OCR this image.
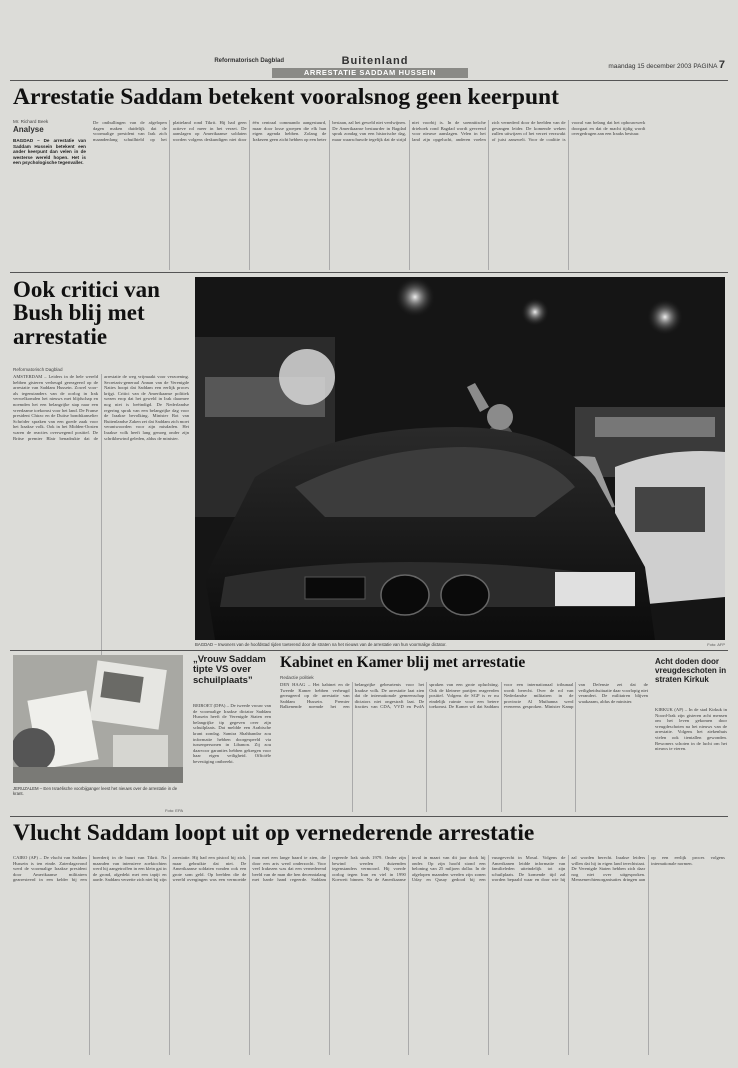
Reformatorisch Dagblad	Buitenland
ARRESTATIE SADDAM HUSSEIN
maandag 15 december 2003 PAGINA 7
Arrestatie Saddam betekent vooralsnog geen keerpunt
Mr. Richard Beek
Analyse
BAGDAD – De arrestatie van Saddam Hussein betekent een ander keerpunt dan velen in de westerse wereld hopen. Het is een psychologische tegenvaller.
De onthullingen van de afgelopen dagen maken duidelijk dat de voormalige president van Irak zich maandenlang schuilhield op het platteland rond Tikrit. Hij had geen actieve rol meer in het verzet. De aanslagen op Amerikaanse soldaten worden volgens deskundigen niet door één centraal commando aangestuurd, maar door losse groepen die elk hun eigen agenda hebben. Zolang de Irakezen geen zicht hebben op een beter bestaan, zal het geweld niet verdwijnen. De Amerikaanse bestuurder in Bagdad sprak zondag van een historische dag, maar waarschuwde tegelijk dat de strijd niet voorbij is. In de soennitische driehoek rond Bagdad wordt gevreesd voor nieuwe aanslagen. Velen in het land zijn opgelucht, anderen voelen zich vernederd door de beelden van de gevangen leider. De komende weken zullen uitwijzen of het verzet verzwakt of juist aanzwelt. Voor de coalitie is vooral van belang dat het opbouwwerk doorgaat en dat de macht tijdig wordt overgedragen aan een Iraaks bestuur.
Ook critici van Bush blij met arrestatie
Reformatorisch Dagblad
AMSTERDAM – Leiders in de hele wereld hebben gisteren verheugd gereageerd op de arrestatie van Saddam Hussein. Zowel voor- als tegenstanders van de oorlog in Irak verwelkomden het nieuws met blijdschap en noemden het een belangrijke stap naar een vreedzame toekomst voor het land. De Franse president Chirac en de Duitse bondskanselier Schröder spraken van een goede zaak voor het Iraakse volk. Ook in het Midden-Oosten waren de reacties overwegend positief. De Britse premier Blair benadrukte dat de arrestatie de weg vrijmaakt voor verzoening. Secretaris-generaal Annan van de Verenigde Naties hoopt dat Saddam een eerlijk proces krijgt. Critici van de Amerikaanse politiek wezen erop dat het geweld in Irak daarmee nog niet is beëindigd. De Nederlandse regering sprak van een belangrijke dag voor de Iraakse bevolking. Minister Bot van Buitenlandse Zaken zei dat Saddam zich moet verantwoorden voor zijn misdaden. Het Iraakse volk heeft lang genoeg onder zijn schrikbewind geleden, aldus de minister.
BAGDAD – Inwoners van de hoofdstad rijden toeterend door de straten na het nieuws van de arrestatie van hun voormalige dictator.	Foto: AFP
JERUZALEM – Een Israëlische voorbijganger leest het nieuws over de arrestatie in de krant.
Foto: EPA
„Vrouw Saddam tipte VS over schuilplaats”
BEIROET (DPA) – De tweede vrouw van de voormalige Iraakse dictator Saddam Hussein heeft de Verenigde Staten een belangrijke tip gegeven over zijn schuilplaats. Dat meldde een Arabische krant zondag. Samira Shahbandar zou informatie hebben doorgespeeld via tussenpersonen in Libanon. Zij zou daarvoor garanties hebben gekregen voor haar eigen veiligheid. Officiële bevestiging ontbreekt.
Kabinet en Kamer blij met arrestatie
Redactie politiek
DEN HAAG – Het kabinet en de Tweede Kamer hebben verheugd gereageerd op de arrestatie van Saddam Hussein. Premier Balkenende noemde het een belangrijke gebeurtenis voor het Iraakse volk. De arrestatie laat zien dat de internationale gemeenschap dictators niet ongestraft laat. De fracties van CDA, VVD en PvdA spraken van een grote opluchting. Ook de kleinere partijen reageerden positief. Volgens de SGP is er nu eindelijk ruimte voor een betere toekomst. De Kamer wil dat Saddam voor een internationaal tribunaal wordt berecht. Over de rol van Nederlandse militairen in de provincie Al Muthanna werd eveneens gesproken. Minister Kamp van Defensie zei dat de veiligheidssituatie daar voorlopig niet verandert. De militairen blijven waakzaam, aldus de minister.
Acht doden door vreugdeschoten in straten Kirkuk
KIRKUK (AP) – In de stad Kirkuk in Noord-Irak zijn gisteren acht mensen om het leven gekomen door vreugdeschoten na het nieuws van de arrestatie. Volgens het ziekenhuis vielen ook tientallen gewonden. Bewoners schoten in de lucht om het nieuws te vieren.
Vlucht Saddam loopt uit op vernederende arrestatie
CAIRO (AP) – De vlucht van Saddam Hussein is ten einde. Zaterdagavond werd de voormalige Iraakse president door Amerikaanse militairen gearresteerd in een kelder bij een boerderij in de buurt van Tikrit. Na maanden van intensieve zoektochten werd hij aangetroffen in een klein gat in de grond, afgedekt met een tapijt en aarde. Saddam verzette zich niet bij zijn arrestatie. Hij had een pistool bij zich, maar gebruikte dat niet. De Amerikaanse soldaten vonden ook een grote som geld. Op beelden die de wereld overgingen was een vermoeide man met een lange baard te zien, die door een arts werd onderzocht. Voor veel Irakezen was dat een vernederend beeld van de man die hen decennialang met harde hand regeerde. Saddam regeerde Irak sinds 1979. Onder zijn bewind werden duizenden tegenstanders vermoord. Hij voerde oorlog tegen Iran en viel in 1990 Koeweit binnen. Na de Amerikaanse inval in maart van dit jaar dook hij onder. Op zijn hoofd stond een beloning van 25 miljoen dollar. In de afgelopen maanden werden zijn zonen Uday en Qusay gedood bij een vuurgevecht in Mosul. Volgens de Amerikanen leidde informatie van familieleden uiteindelijk tot zijn schuilplaats. De komende tijd zal worden bepaald waar en door wie hij zal worden berecht. Iraakse leiders willen dat hij in eigen land terechtstaat. De Verenigde Staten hebben zich daar nog niet over uitgesproken. Mensenrechtenorganisaties dringen aan op een eerlijk proces volgens internationale normen.
